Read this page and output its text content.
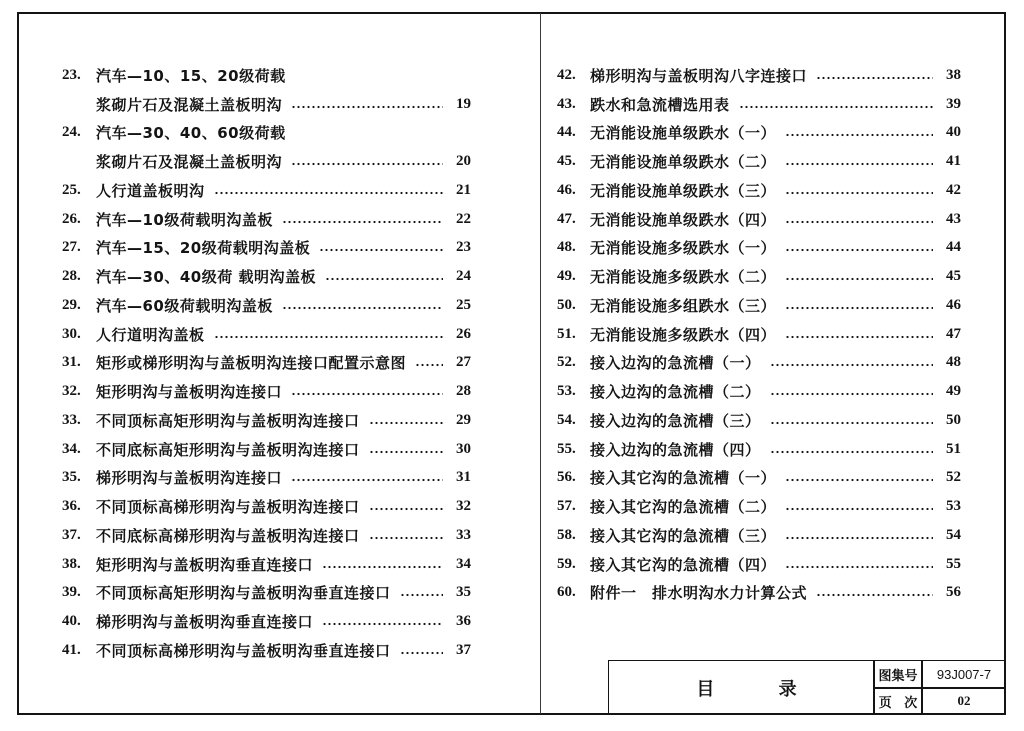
23.	汽车—10、15、20级荷载
浆砌片石及混凝土盖板明沟	19
24.	汽车—30、40、60级荷载
浆砌片石及混凝土盖板明沟	20
25.	人行道盖板明沟	21
26.	汽车—10级荷载明沟盖板	22
27.	汽车—15、20级荷载明沟盖板	23
28.	汽车—30、40级荷 载明沟盖板	24
29.	汽车—60级荷载明沟盖板	25
30.	人行道明沟盖板	26
31.	矩形或梯形明沟与盖板明沟连接口配置示意图	27
32.	矩形明沟与盖板明沟连接口	28
33.	不同顶标高矩形明沟与盖板明沟连接口	29
34.	不同底标高矩形明沟与盖板明沟连接口	30
35.	梯形明沟与盖板明沟连接口	31
36.	不同顶标高梯形明沟与盖板明沟连接口	32
37.	不同底标高梯形明沟与盖板明沟连接口	33
38.	矩形明沟与盖板明沟垂直连接口	34
39.	不同顶标高矩形明沟与盖板明沟垂直连接口	35
40.	梯形明沟与盖板明沟垂直连接口	36
41.	不同顶标高梯形明沟与盖板明沟垂直连接口	37
42. 梯形明沟与盖板明沟八字连接口	38
43. 跌水和急流槽选用表	39
44. 无消能设施单级跌水（一）	40
45. 无消能设施单级跌水（二）	41
46. 无消能设施单级跌水（三）	42
47. 无消能设施单级跌水（四）	43
48. 无消能设施多级跌水（一）	44
49. 无消能设施多级跌水（二）	45
50. 无消能设施多组跌水（三）	46
51. 无消能设施多级跌水（四）	47
52. 接入边沟的急流槽（一）	48
53. 接入边沟的急流槽（二）	49
54. 接入边沟的急流槽（三）	50
55. 接入边沟的急流槽（四）	51
56. 接入其它沟的急流槽（一）	52
57. 接入其它沟的急流槽（二）	53
58. 接入其它沟的急流槽（三）	54
59. 接入其它沟的急流槽（四）	55
60. 附件一　排水明沟水力计算公式	56
目 录
图集号	93J007-7
页 次	02
